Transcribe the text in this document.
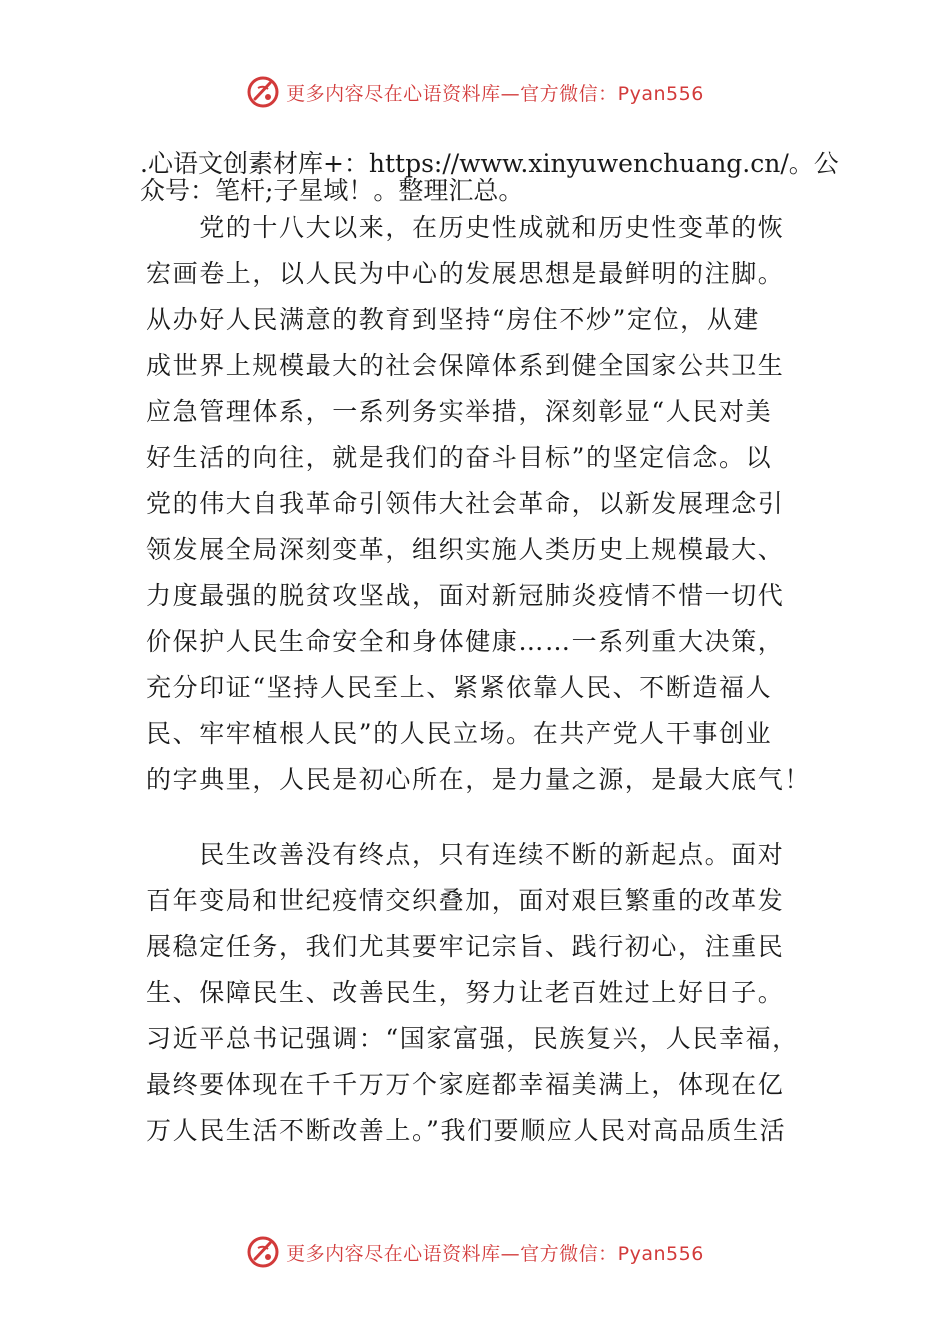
更多内容尽在心语资料库—官方微信：Pyan556
.心语文创素材库+：https://www.xinyuwenchuang.cn/。公
众号：笔杆;子星域！。整理汇总。
　　党的十八大以来，在历史性成就和历史性变革的恢
宏画卷上，以人民为中心的发展思想是最鲜明的注脚。
从办好人民满意的教育到坚持“房住不炒”定位，从建
成世界上规模最大的社会保障体系到健全国家公共卫生
应急管理体系，一系列务实举措，深刻彰显“人民对美
好生活的向往，就是我们的奋斗目标”的坚定信念。以
党的伟大自我革命引领伟大社会革命，以新发展理念引
领发展全局深刻变革，组织实施人类历史上规模最大、
力度最强的脱贫攻坚战，面对新冠肺炎疫情不惜一切代
价保护人民生命安全和身体健康……一系列重大决策，
充分印证“坚持人民至上、紧紧依靠人民、不断造福人
民、牢牢植根人民”的人民立场。在共产党人干事创业
的字典里，人民是初心所在，是力量之源，是最大底气！
　　民生改善没有终点，只有连续不断的新起点。面对
百年变局和世纪疫情交织叠加，面对艰巨繁重的改革发
展稳定任务，我们尤其要牢记宗旨、践行初心，注重民
生、保障民生、改善民生，努力让老百姓过上好日子。
习近平总书记强调：“国家富强，民族复兴，人民幸福，
最终要体现在千千万万个家庭都幸福美满上，体现在亿
万人民生活不断改善上。”我们要顺应人民对高品质生活
更多内容尽在心语资料库—官方微信：Pyan556
